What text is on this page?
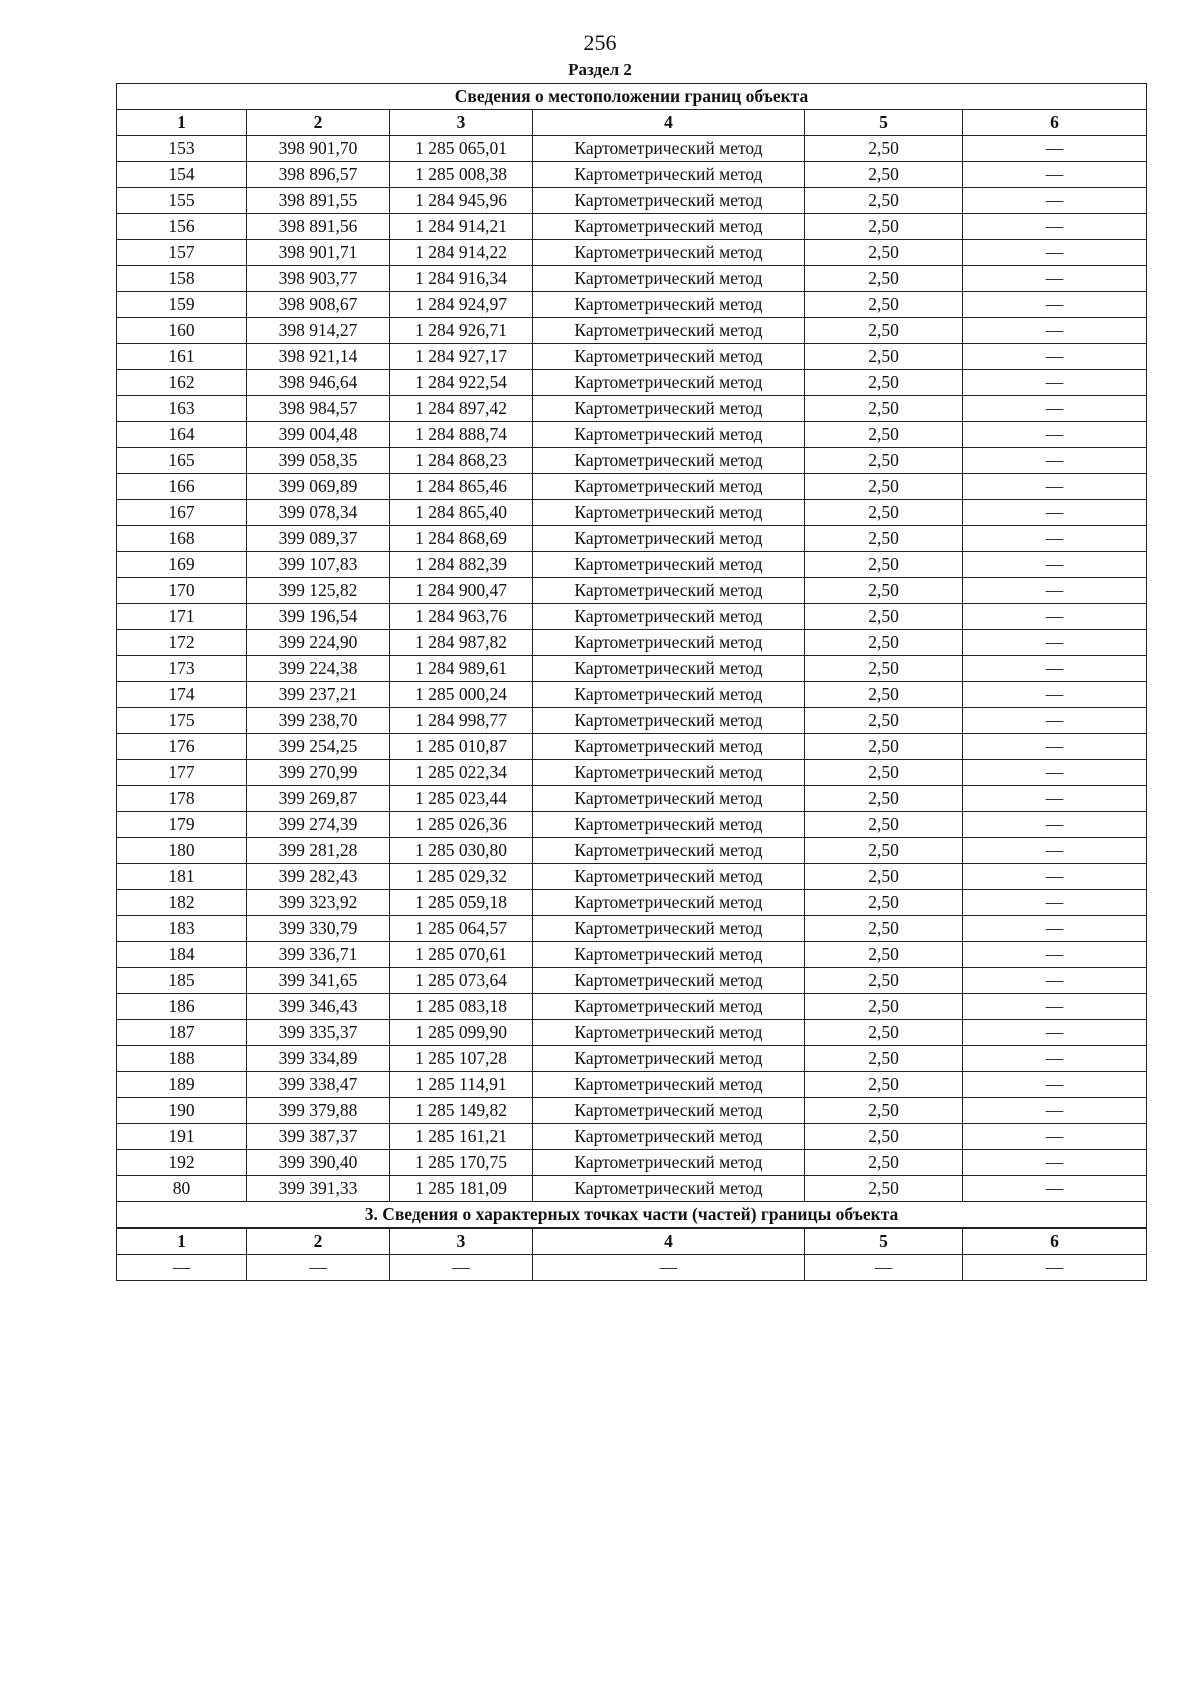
256
Раздел 2
Сведения о местоположении границ объекта					
1	2	3	4	5	6
153	398 901,70	1 285 065,01	Картометрический метод	2,50	—
154	398 896,57	1 285 008,38	Картометрический метод	2,50	—
155	398 891,55	1 284 945,96	Картометрический метод	2,50	—
156	398 891,56	1 284 914,21	Картометрический метод	2,50	—
157	398 901,71	1 284 914,22	Картометрический метод	2,50	—
158	398 903,77	1 284 916,34	Картометрический метод	2,50	—
159	398 908,67	1 284 924,97	Картометрический метод	2,50	—
160	398 914,27	1 284 926,71	Картометрический метод	2,50	—
161	398 921,14	1 284 927,17	Картометрический метод	2,50	—
162	398 946,64	1 284 922,54	Картометрический метод	2,50	—
163	398 984,57	1 284 897,42	Картометрический метод	2,50	—
164	399 004,48	1 284 888,74	Картометрический метод	2,50	—
165	399 058,35	1 284 868,23	Картометрический метод	2,50	—
166	399 069,89	1 284 865,46	Картометрический метод	2,50	—
167	399 078,34	1 284 865,40	Картометрический метод	2,50	—
168	399 089,37	1 284 868,69	Картометрический метод	2,50	—
169	399 107,83	1 284 882,39	Картометрический метод	2,50	—
170	399 125,82	1 284 900,47	Картометрический метод	2,50	—
171	399 196,54	1 284 963,76	Картометрический метод	2,50	—
172	399 224,90	1 284 987,82	Картометрический метод	2,50	—
173	399 224,38	1 284 989,61	Картометрический метод	2,50	—
174	399 237,21	1 285 000,24	Картометрический метод	2,50	—
175	399 238,70	1 284 998,77	Картометрический метод	2,50	—
176	399 254,25	1 285 010,87	Картометрический метод	2,50	—
177	399 270,99	1 285 022,34	Картометрический метод	2,50	—
178	399 269,87	1 285 023,44	Картометрический метод	2,50	—
179	399 274,39	1 285 026,36	Картометрический метод	2,50	—
180	399 281,28	1 285 030,80	Картометрический метод	2,50	—
181	399 282,43	1 285 029,32	Картометрический метод	2,50	—
182	399 323,92	1 285 059,18	Картометрический метод	2,50	—
183	399 330,79	1 285 064,57	Картометрический метод	2,50	—
184	399 336,71	1 285 070,61	Картометрический метод	2,50	—
185	399 341,65	1 285 073,64	Картометрический метод	2,50	—
186	399 346,43	1 285 083,18	Картометрический метод	2,50	—
187	399 335,37	1 285 099,90	Картометрический метод	2,50	—
188	399 334,89	1 285 107,28	Картометрический метод	2,50	—
189	399 338,47	1 285 114,91	Картометрический метод	2,50	—
190	399 379,88	1 285 149,82	Картометрический метод	2,50	—
191	399 387,37	1 285 161,21	Картометрический метод	2,50	—
192	399 390,40	1 285 170,75	Картометрический метод	2,50	—
80	399 391,33	1 285 181,09	Картометрический метод	2,50	—
3. Сведения о характерных точках части (частей) границы объекта					
1	2	3	4	5	6
—	—	—	—	—	—
